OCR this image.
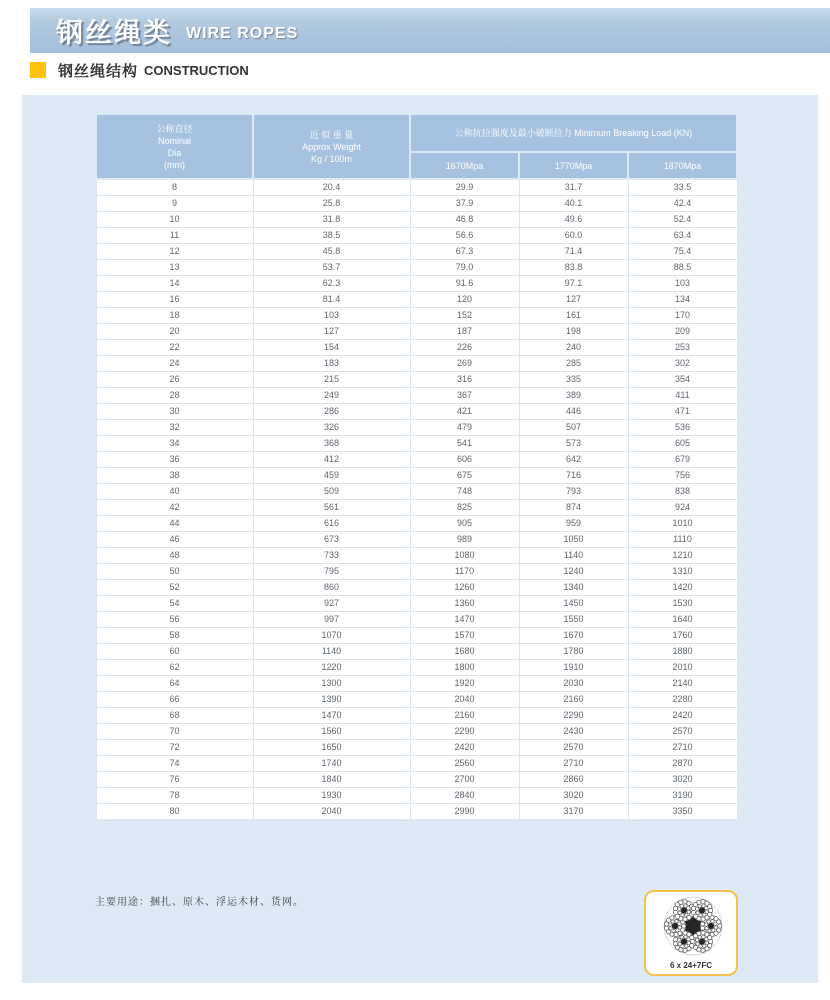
钢丝绳类 WIRE ROPES
钢丝绳结构 CONSTRUCTION
公称直径
Nominal
Dia
(mm)

近 似 重 量
Approx Weight
Kg / 100m
	公称抗拉强度及最小破断拉力 Minimum Breaking Load (KN)
		1670Mpa	1770Mpa	1870Mpa
8	20.4	29.9	31.7	33.5
9	25.8	37.9	40.1	42.4
10	31.8	46.8	49.6	52.4
11	38.5	56.6	60.0	63.4
12	45.8	67.3	71.4	75.4
13	53.7	79.0	83.8	88.5
14	62.3	91.6	97.1	103
16	81.4	120	127	134
18	103	152	161	170
20	127	187	198	209
22	154	226	240	253
24	183	269	285	302
26	215	316	335	354
28	249	367	389	411
30	286	421	446	471
32	326	479	507	536
34	368	541	573	605
36	412	606	642	679
38	459	675	716	756
40	509	748	793	838
42	561	825	874	924
44	616	905	959	1010
46	673	989	1050	1110
48	733	1080	1140	1210
50	795	1170	1240	1310
52	860	1260	1340	1420
54	927	1360	1450	1530
56	997	1470	1550	1640
58	1070	1570	1670	1760
60	1140	1680	1780	1880
62	1220	1800	1910	2010
64	1300	1920	2030	2140
66	1390	2040	2160	2280
68	1470	2160	2290	2420
70	1560	2290	2430	2570
72	1650	2420	2570	2710
74	1740	2560	2710	2870
76	1840	2700	2860	3020
78	1930	2840	3020	3190
80	2040	2990	3170	3350
主要用途：捆扎、原木、浮运木材、货网。
6 x 24+7FC
